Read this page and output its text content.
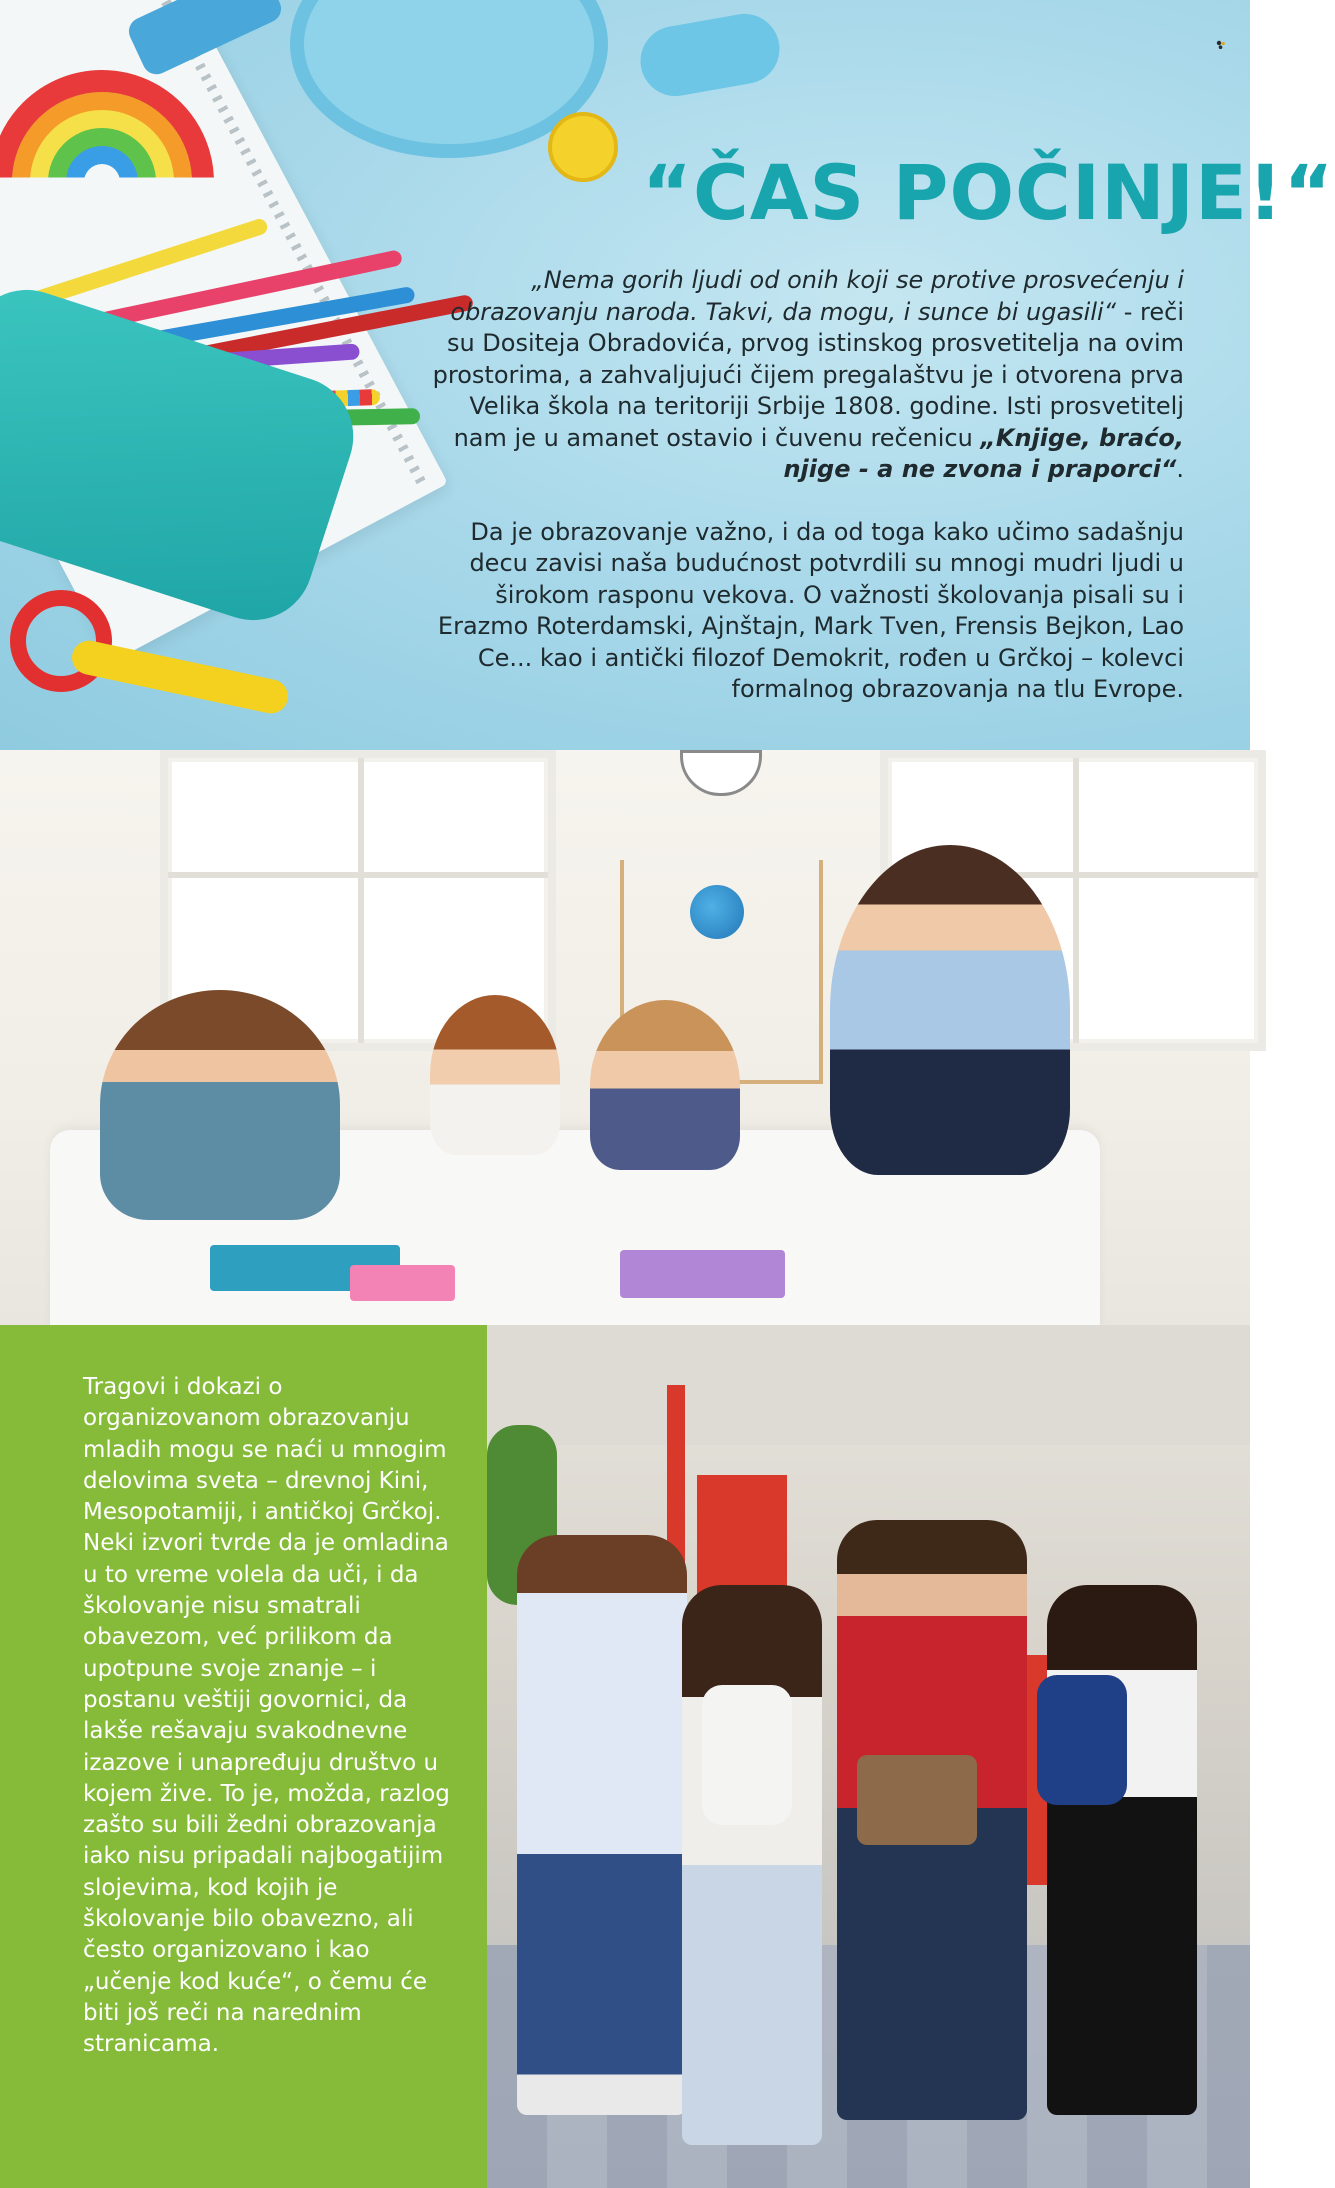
“ČAS POČINJE!“

„Nema gorih ljudi od onih koji se protive prosvećenju i obrazovanju naroda. Takvi, da mogu, i sunce bi ugasili“ - reči su Dositeja Obradovića, prvog istinskog prosvetitelja na ovim prostorima, a zahvaljujući čijem pregalaštvu je i otvorena prva Velika škola na teritoriji Srbije 1808. godine. Isti prosvetitelj nam je u amanet ostavio i čuvenu rečenicu „Knjige, braćo, njige - a ne zvona i praporci“.

Da je obrazovanje važno, i da od toga kako učimo sadašnju decu zavisi naša budućnost potvrdili su mnogi mudri ljudi u širokom rasponu vekova. O važnosti školovanja pisali su i Erazmo Roterdamski, Ajnštajn, Mark Tven, Frensis Bejkon, Lao Ce... kao i antički filozof Demokrit, rođen u Grčkoj – kolevci formalnog obrazovanja na tlu Evrope.

Tragovi i dokazi o organizovanom obrazovanju mladih mogu se naći u mnogim delovima sveta – drevnoj Kini, Mesopotamiji, i antičkoj Grčkoj. Neki izvori tvrde da je omladina u to vreme volela da uči, i da školovanje nisu smatrali obavezom, već prilikom da upotpune svoje znanje – i postanu veštiji govornici, da lakše rešavaju svakodnevne izazove i unapređuju društvo u kojem žive. To je, možda, razlog zašto su bili žedni obrazovanja iako nisu pripadali najbogatijim slojevima, kod kojih je školovanje bilo obavezno, ali često organizovano i kao „učenje kod kuće“, o čemu će biti još reči na narednim stranicama.
